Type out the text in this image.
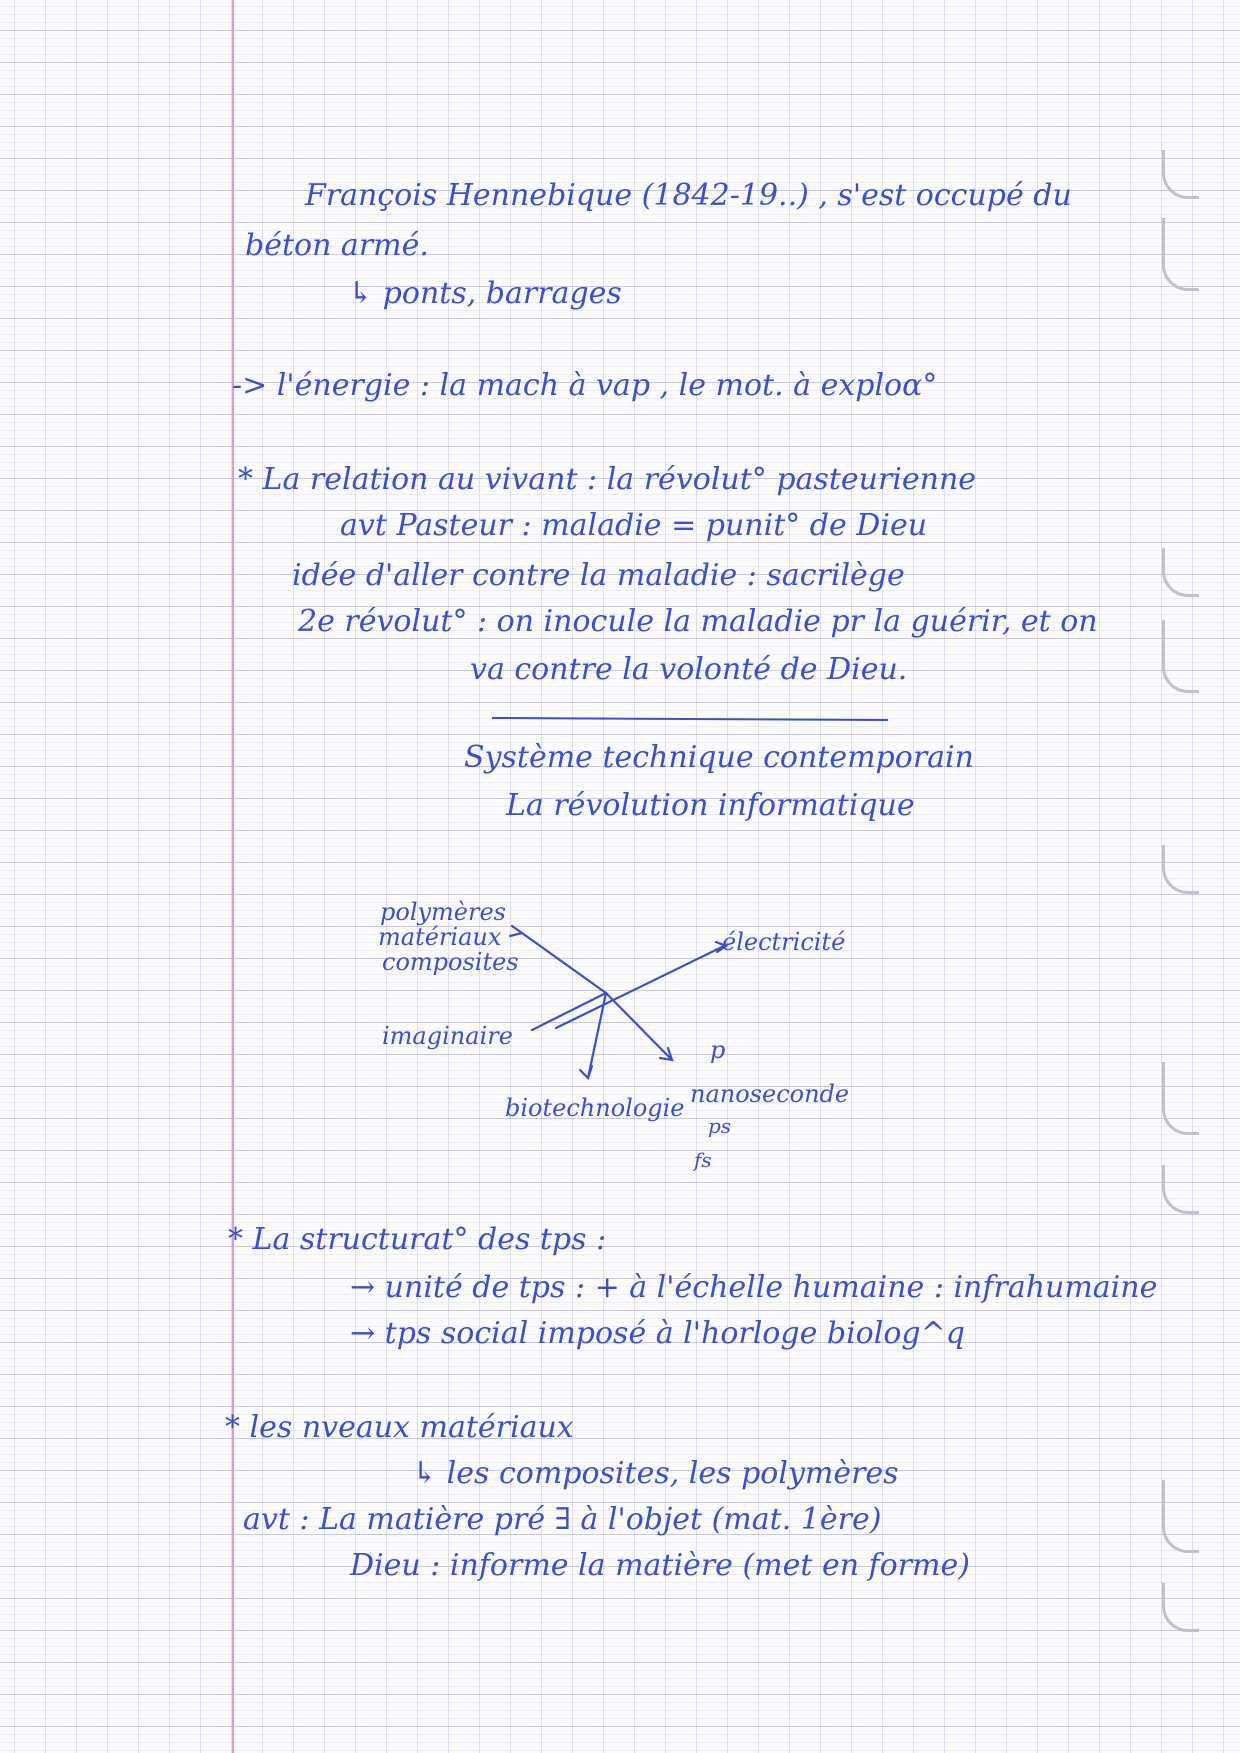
François Hennebique (1842-19..) , s'est occupé du
béton armé.
↳ ponts, barrages
-> l'énergie : la mach à vap , le mot. à exploɑ°
* La relation au vivant : la révolut° pasteurienne
avt Pasteur : maladie = punit° de Dieu
idée d'aller contre la maladie : sacrilège
2e révolut° : on inocule la maladie pr la guérir, et on
va contre la volonté de Dieu.
Système technique contemporain
La révolution informatique
polymères
matériaux
composites
électricité
imaginaire
biotechnologie
p
nanoseconde
ps
fs
* La structurat° des tps :
→ unité de tps : + à l'échelle humaine : infrahumaine
→ tps social imposé à l'horloge biolog^q
* les nveaux matériaux
↳ les composites, les polymères
avt : La matière pré ∃ à l'objet (mat. 1ère)
Dieu : informe la matière (met en forme)
